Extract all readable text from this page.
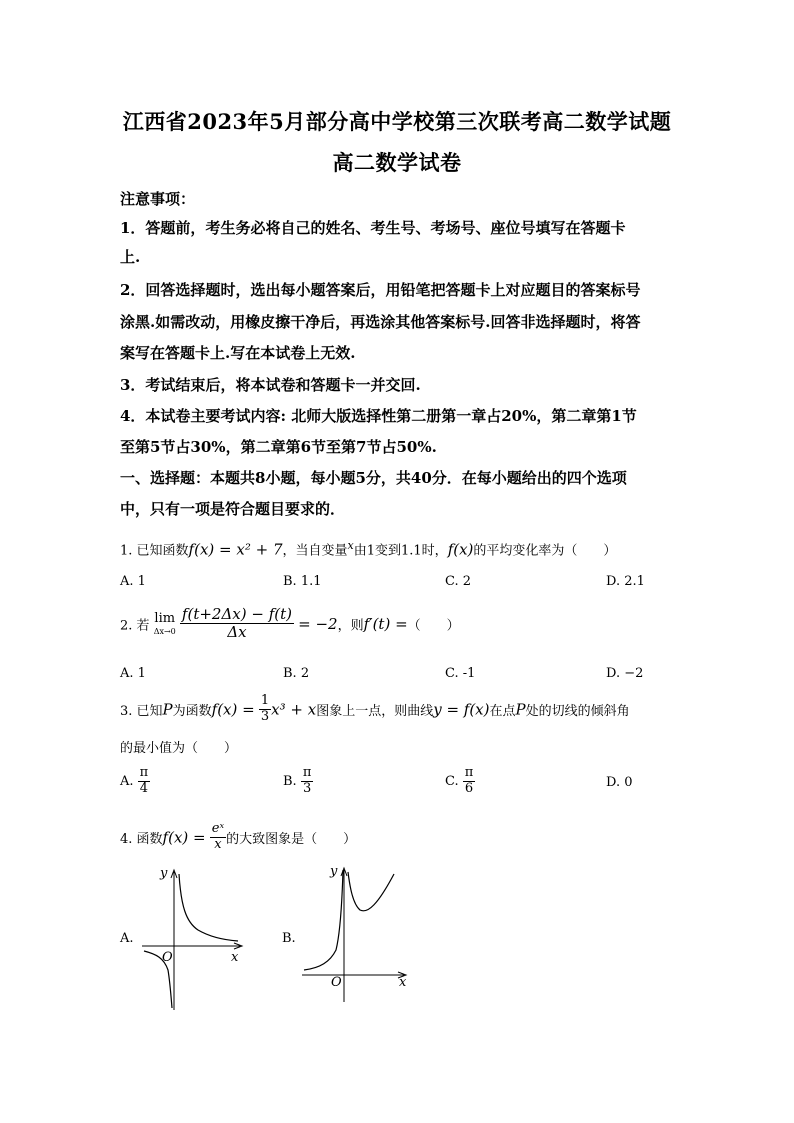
江西省2023年5月部分高中学校第三次联考高二数学试题
高二数学试卷
注意事项：
1．答题前，考生务必将自己的姓名、考生号、考场号、座位号填写在答题卡
上.
2．回答选择题时，选出每小题答案后，用铅笔把答题卡上对应题目的答案标号
涂黑.如需改动，用橡皮擦干净后，再选涂其他答案标号.回答非选择题时，将答
案写在答题卡上.写在本试卷上无效.
3．考试结束后，将本试卷和答题卡一并交回.
4．本试卷主要考试内容: 北师大版选择性第二册第一章占20%，第二章第1节
至第5节占30%，第二章第6节至第7节占50%.
一、选择题：本题共8小题，每小题5分，共40分．在每小题给出的四个选项
中，只有一项是符合题目要求的．
1. 已知函数f(x) = x² + 7，当自变量$^x$由1变到1.1时，f(x)的平均变化率为（　　）
A. 1	B. 1.1	C. 2	D. 2.1
2. 若
lim
Δx→0
$\frac{f(t+2\Delta x) - f(t)}{\Delta x} = -2$，则f′(t) =（　　）
A. 1	B. 2	C. -1	D. −2
3. 已知P为函数$f(x) = \frac{1}{3} x^3 + x$图象上一点，则曲线y = f(x)在点P处的切线的倾斜角
的最小值为（　　）
A. $\frac{\pi}{4}$	B. $\frac{\pi}{3}$	C. $\frac{\pi}{6}$	D. 0
4. 函数$f(x) = \frac{\text{eˣ}}{x}$ 的大致图象是（　　）
A.
y
x
O
B.
y
x
O
